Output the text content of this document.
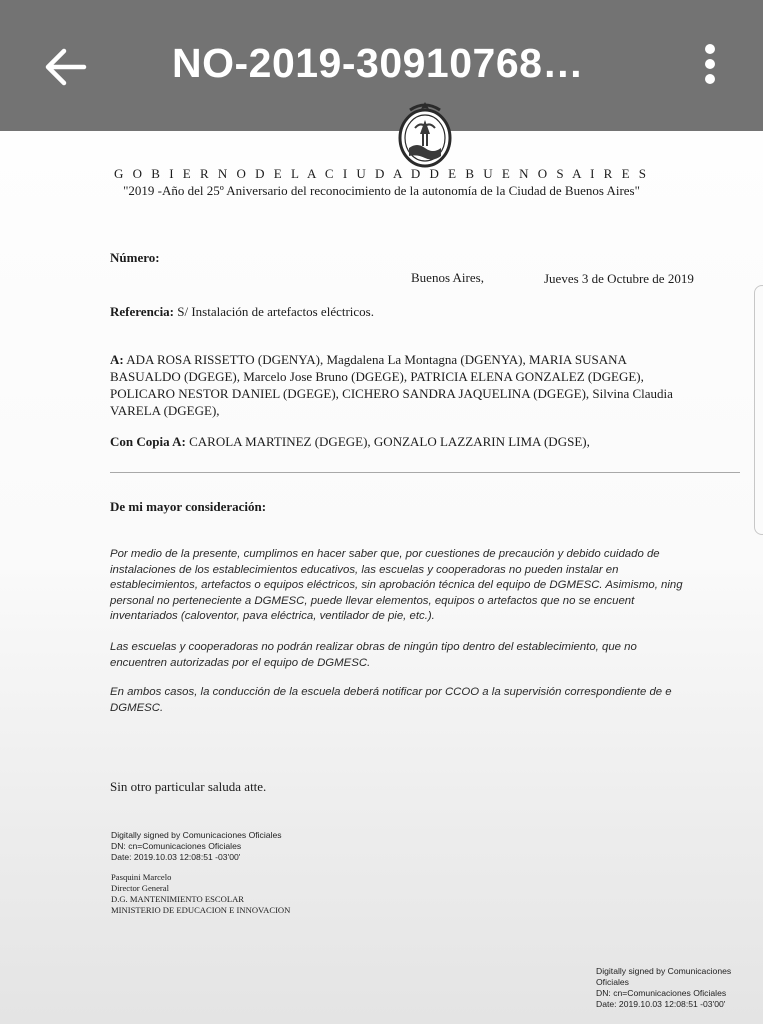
NO-2019-30910768…
G O B I E R N O D E L A C I U D A D D E B U E N O S A I R E S
"2019 -Año del 25º Aniversario del reconocimiento de la autonomía de la Ciudad de Buenos Aires"
Número:
Buenos Aires,	Jueves 3 de Octubre de 2019
Referencia: S/ Instalación de artefactos eléctricos.
A: ADA ROSA RISSETTO (DGENYA), Magdalena La Montagna (DGENYA), MARIA SUSANA
BASUALDO (DGEGE), Marcelo Jose Bruno (DGEGE), PATRICIA ELENA GONZALEZ (DGEGE),
POLICARO NESTOR DANIEL (DGEGE), CICHERO SANDRA JAQUELINA (DGEGE), Silvina Claudia
VARELA (DGEGE),
Con Copia A: CAROLA MARTINEZ (DGEGE), GONZALO LAZZARIN LIMA (DGSE),
De mi mayor consideración:
Por medio de la presente, cumplimos en hacer saber que, por cuestiones de precaución y debido cuidado de
instalaciones de los establecimientos educativos, las escuelas y cooperadoras no pueden instalar en
establecimientos, artefactos o equipos eléctricos, sin aprobación técnica del equipo de DGMESC. Asimismo, ning
personal no perteneciente a DGMESC, puede llevar elementos, equipos o artefactos que no se encuent
inventariados (caloventor, pava eléctrica, ventilador de pie, etc.).
Las escuelas y cooperadoras no podrán realizar obras de ningún tipo dentro del establecimiento, que no
encuentren autorizadas por el equipo de DGMESC.
En ambos casos, la conducción de la escuela deberá notificar por CCOO a la supervisión correspondiente de e
DGMESC.
Sin otro particular saluda atte.
Digitally signed by Comunicaciones Oficiales
DN: cn=Comunicaciones Oficiales
Date: 2019.10.03 12:08:51 -03'00'
Pasquini Marcelo
Director General
D.G. MANTENIMIENTO ESCOLAR
MINISTERIO DE EDUCACION E INNOVACION
Digitally signed by Comunicaciones
Oficiales
DN: cn=Comunicaciones Oficiales
Date: 2019.10.03 12:08:51 -03'00'
